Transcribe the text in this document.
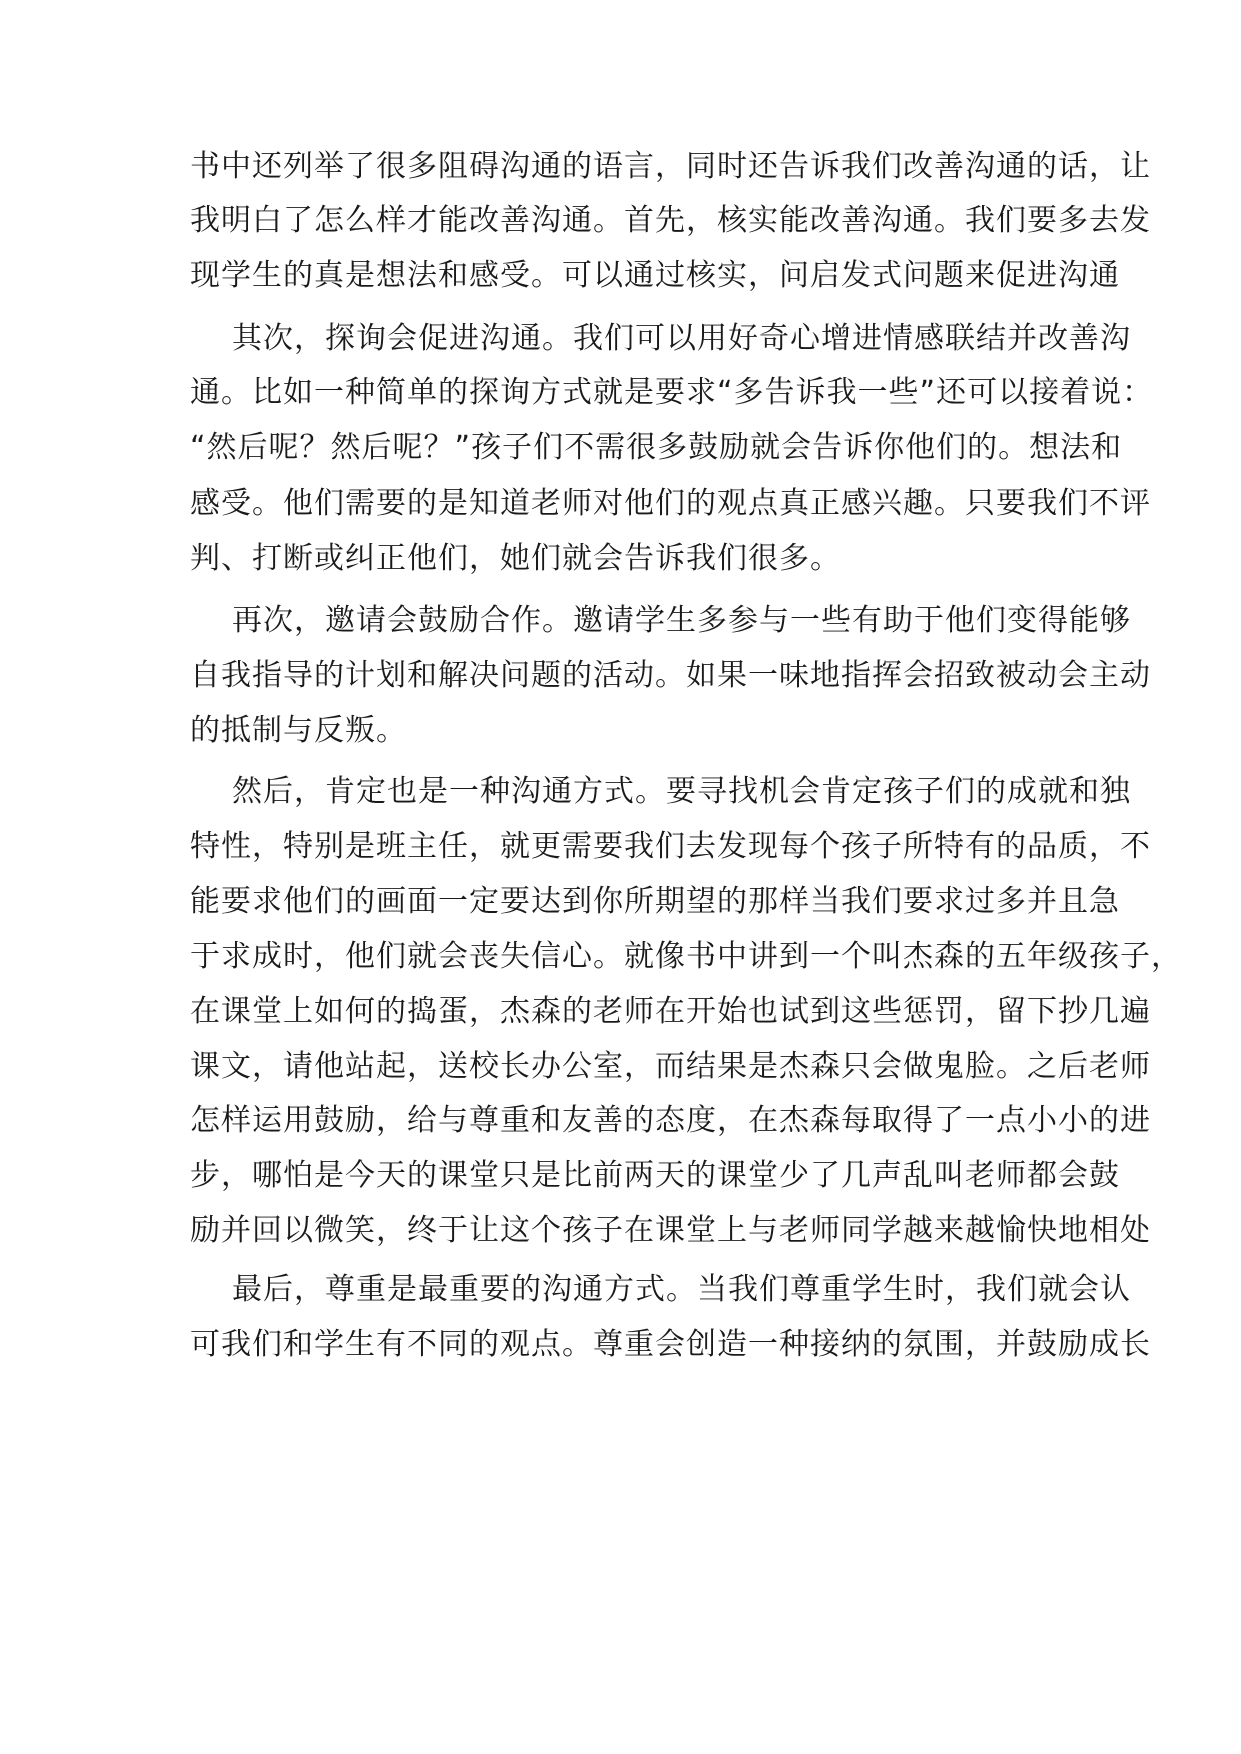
书中还列举了很多阻碍沟通的语言，同时还告诉我们改善沟通的话，让
我明白了怎么样才能改善沟通。首先，核实能改善沟通。我们要多去发
现学生的真是想法和感受。可以通过核实，问启发式问题来促进沟通
其次，探询会促进沟通。我们可以用好奇心增进情感联结并改善沟
通。比如一种简单的探询方式就是要求“多告诉我一些”还可以接着说：
“然后呢？然后呢？”孩子们不需很多鼓励就会告诉你他们的。想法和
感受。他们需要的是知道老师对他们的观点真正感兴趣。只要我们不评
判、打断或纠正他们，她们就会告诉我们很多。
再次，邀请会鼓励合作。邀请学生多参与一些有助于他们变得能够
自我指导的计划和解决问题的活动。如果一味地指挥会招致被动会主动
的抵制与反叛。
然后，肯定也是一种沟通方式。要寻找机会肯定孩子们的成就和独
特性，特别是班主任，就更需要我们去发现每个孩子所特有的品质，不
能要求他们的画面一定要达到你所期望的那样当我们要求过多并且急
于求成时，他们就会丧失信心。就像书中讲到一个叫杰森的五年级孩子，
在课堂上如何的捣蛋，杰森的老师在开始也试到这些惩罚，留下抄几遍
课文，请他站起，送校长办公室，而结果是杰森只会做鬼脸。之后老师
怎样运用鼓励，给与尊重和友善的态度，在杰森每取得了一点小小的进
步，哪怕是今天的课堂只是比前两天的课堂少了几声乱叫老师都会鼓
励并回以微笑，终于让这个孩子在课堂上与老师同学越来越愉快地相处
最后，尊重是最重要的沟通方式。当我们尊重学生时，我们就会认
可我们和学生有不同的观点。尊重会创造一种接纳的氛围，并鼓励成长
